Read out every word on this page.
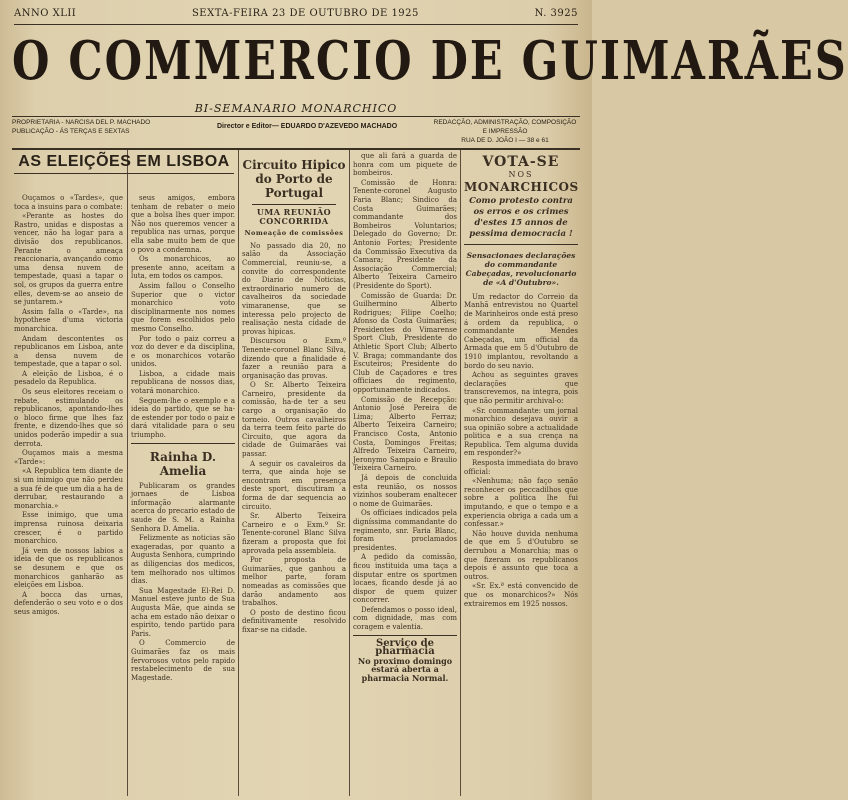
ANNO XLII	SEXTA-FEIRA 23 DE OUTUBRO DE 1925	N. 3925
O COMMERCIO DE GUIMARÃES
BI-SEMANARIO MONARCHICO
PROPRIETARIA - NARCISA DEL P. MACHADO
PUBLICAÇÃO - ÁS TERÇAS E SEXTAS
Director e Editor— EDUARDO D'AZEVEDO MACHADO
REDACÇÃO, ADMINISTRAÇÃO, COMPOSIÇÃO
E IMPRESSÃO
RUA DE D. JOÃO I — 38 e 61
AS ELEIÇÕES EM LISBOA

Ouçamos o «Tardes», que toca a insuins para o combate:

«Perante as hostes do Rastro, unidas e dispostas a vencer, não ha logar para a divisão dos republicanos. Perante o ameaça reaccionaria, avançando como uma densa nuvem de tempestade, quasi a tapar o sol, os grupos da guerra entre elles, devem-se ao anseio de se juntarem.»

Assim falla o «Tarde», na hypothese d'uma victoria monarchica.

Andam descontentes os republicanos em Lisboa, ante a densa nuvem de tempestade, que a tapar o sol.

A eleição de Lisboa, é o pesadelo da Republica.

Os seus eleitores receiam o rebate, estimulando os republicanos, apontando-lhes o bloco firme que lhes faz frente, e dizendo-lhes que só unidos poderão impedir a sua derrota.

Ouçamos mais a mesma «Tarde»:

«A Republica tem diante de si um inimigo que não perdeu a sua fé de que um dia a ha de derrubar, restaurando a monarchia.»

Esse inimigo, que uma imprensa ruinosa deixaria crescer, é o partido monarchico.

Já vem de nossos labios a ideia de que os republicanos se desunem e que os monarchicos ganharão as eleições em Lisboa.

A bocca das urnas, defenderão o seu voto e o dos seus amigos.

seus amigos, embora tenham de rebater o meio que a bolsa lhes quer impor. Não nos queremos vencer a republica nas urnas, porque ella sabe muito bem de que o povo a condemna.

Os monarchicos, ao presente anno, aceitam a luta, em todos os campos.

Assim fallou o Conselho Superior que o victor monarchico voto disciplinarmente nos nomes que forem escolhidos pelo mesmo Conselho.

Por todo o paiz correu a voz do dever e da disciplina, e os monarchicos votarão unidos.

Lisboa, a cidade mais republicana de nossos dias, votará monarchico.

Seguem-lhe o exemplo e a ideia do partido, que se ha-de estender por todo o paiz e dará vitalidade para o seu triumpho.

Rainha D. Amelia

Publicaram os grandes jornaes de Lisboa informação alarmante acerca do precario estado de saude de S. M. a Rainha Senhora D. Amelia.

Felizmente as noticias são exageradas, por quanto a Augusta Senhora, cumprindo as diligencias dos medicos, tem melhorado nos ultimos dias.

Sua Magestade El-Rei D. Manuel esteve junto de Sua Augusta Mãe, que ainda se acha em estado não deixar o espirito, tendo partido para Paris.

O Commercio de Guimarães faz os mais fervorosos votos pelo rapido restabelecimento de sua Magestade.

Circuito Hipico do Porto de Portugal
UMA REUNIÃO CONCORRIDA
Nomeação de comissões

No passado dia 20, no salão da Associação Commercial, reuniu-se, a convite do correspondente do Diario de Noticias, extraordinario numero de cavalheiros da sociedade vimaranense, que se interessa pelo projecto de realisação nesta cidade de provas hipicas.

Discursou o Exm.º Tenente-coronel Blanc Silva, dizendo que a finalidade é fazer a reunião para a organisação das provas.

O Sr. Alberto Teixeira Carneiro, presidente da comissão, ha-de ter a seu cargo a organisação do torneio. Outros cavalheiros da terra teem feito parte do Circuito, que agora da cidade de Guimarães vai passar.

A seguir os cavaleiros da terra, que ainda hoje se encontram em presença deste sport, discutiram a forma de dar sequencia ao circuito.

Sr. Alberto Teixeira Carneiro e o Exm.º Sr. Tenente-coronel Blanc Silva fizeram a proposta que foi aprovada pela assembleia.

Por proposta de Guimarães, que ganhou a melhor parte, foram nomeadas as comissões que darão andamento aos trabalhos.

O posto de destino ficou definitivamente resolvido fixar-se na cidade.

que ali fará a guarda de honra com um piquete de bombeiros.

Comissão de Honra: Tenente-coronel Augusto Faria Blanc; Sindico da Costa Guimarães; commandante dos Bombeiros Voluntarios; Delegado do Governo; Dr. Antonio Fortes; Presidente da Commissão Executiva da Camara; Presidente da Associação Commercial; Alberto Teixeira Carneiro (Presidente do Sport).

Comissão de Guarda: Dr. Guilhermino Alberto Rodrigues; Filipe Coelho; Afonso da Costa Guimarães; Presidentes do Vimarense Sport Club, Presidente do Athletic Sport Club; Alberto V. Braga; commandante dos Escuteiros; Presidente do Club de Caçadores e tres officiaes do regimento, opportunamente indicados.

Comissão de Recepção: Antonio José Pereira de Lima; Alberto Ferraz; Alberto Teixeira Carneiro; Francisco Costa, Antonio Costa, Domingos Freitas; Alfredo Teixeira Carneiro, Jeronymo Sampaio e Braulio Teixeira Carneiro.

Já depois de concluida esta reunião, os nossos vizinhos souberam enaltecer o nome de Guimarães.

Os officiaes indicados pela digníssima commandante do regimento, snr. Faria Blanc, foram proclamados presidentes.

A pedido da comissão, ficou instituida uma taça a disputar entre os sportmen locaes, ficando desde já ao dispor de quem quizer concorrer.

Defendamos o posso ideal, com dignidade, mas com coragem e valentia.

Serviço de pharmacia
No proximo domingo estará aberta a pharmacia Normal.
VOTA-SE
NOS
MONARCHICOS
Como protesto contra os erros e os crimes d'estes 15 annos de pessima democracia !
Sensacionaes declarações do commandante Cabeçadas, revolucionario de «A d'Outubro».

Um redactor do Correio da Manhã entrevistou no Quartel de Marinheiros onde está preso á ordem da republica, o commandante Mendes Cabeçadas, um official da Armada que em 5 d'Outubro de 1910 implantou, revoltando a bordo do seu navio.

Achou as seguintes graves declarações que transcrevemos, na integra, pois que não permitir archival-o:

«Sr. commandante: um jornal monarchico desejava ouvir a sua opinião sobre a actualidade politica e a sua crença na Republica. Tem alguma duvida em responder?»

Resposta immediata do bravo official:

«Nenhuma; não faço senão reconhecer os peccadilhos que sobre a politica lhe fui imputando, e que o tempo e a experiencia obriga a cada um a confessar.»

Não houve duvida nenhuma de que em 5 d'Outubro se derrubou a Monarchia; mas o que fizeram os republicanos depois é assunto que toca a outros.

«Sr. Ex.ª está convencido de que os monarchicos?» Nós extrairemos em 1925 nossos.
